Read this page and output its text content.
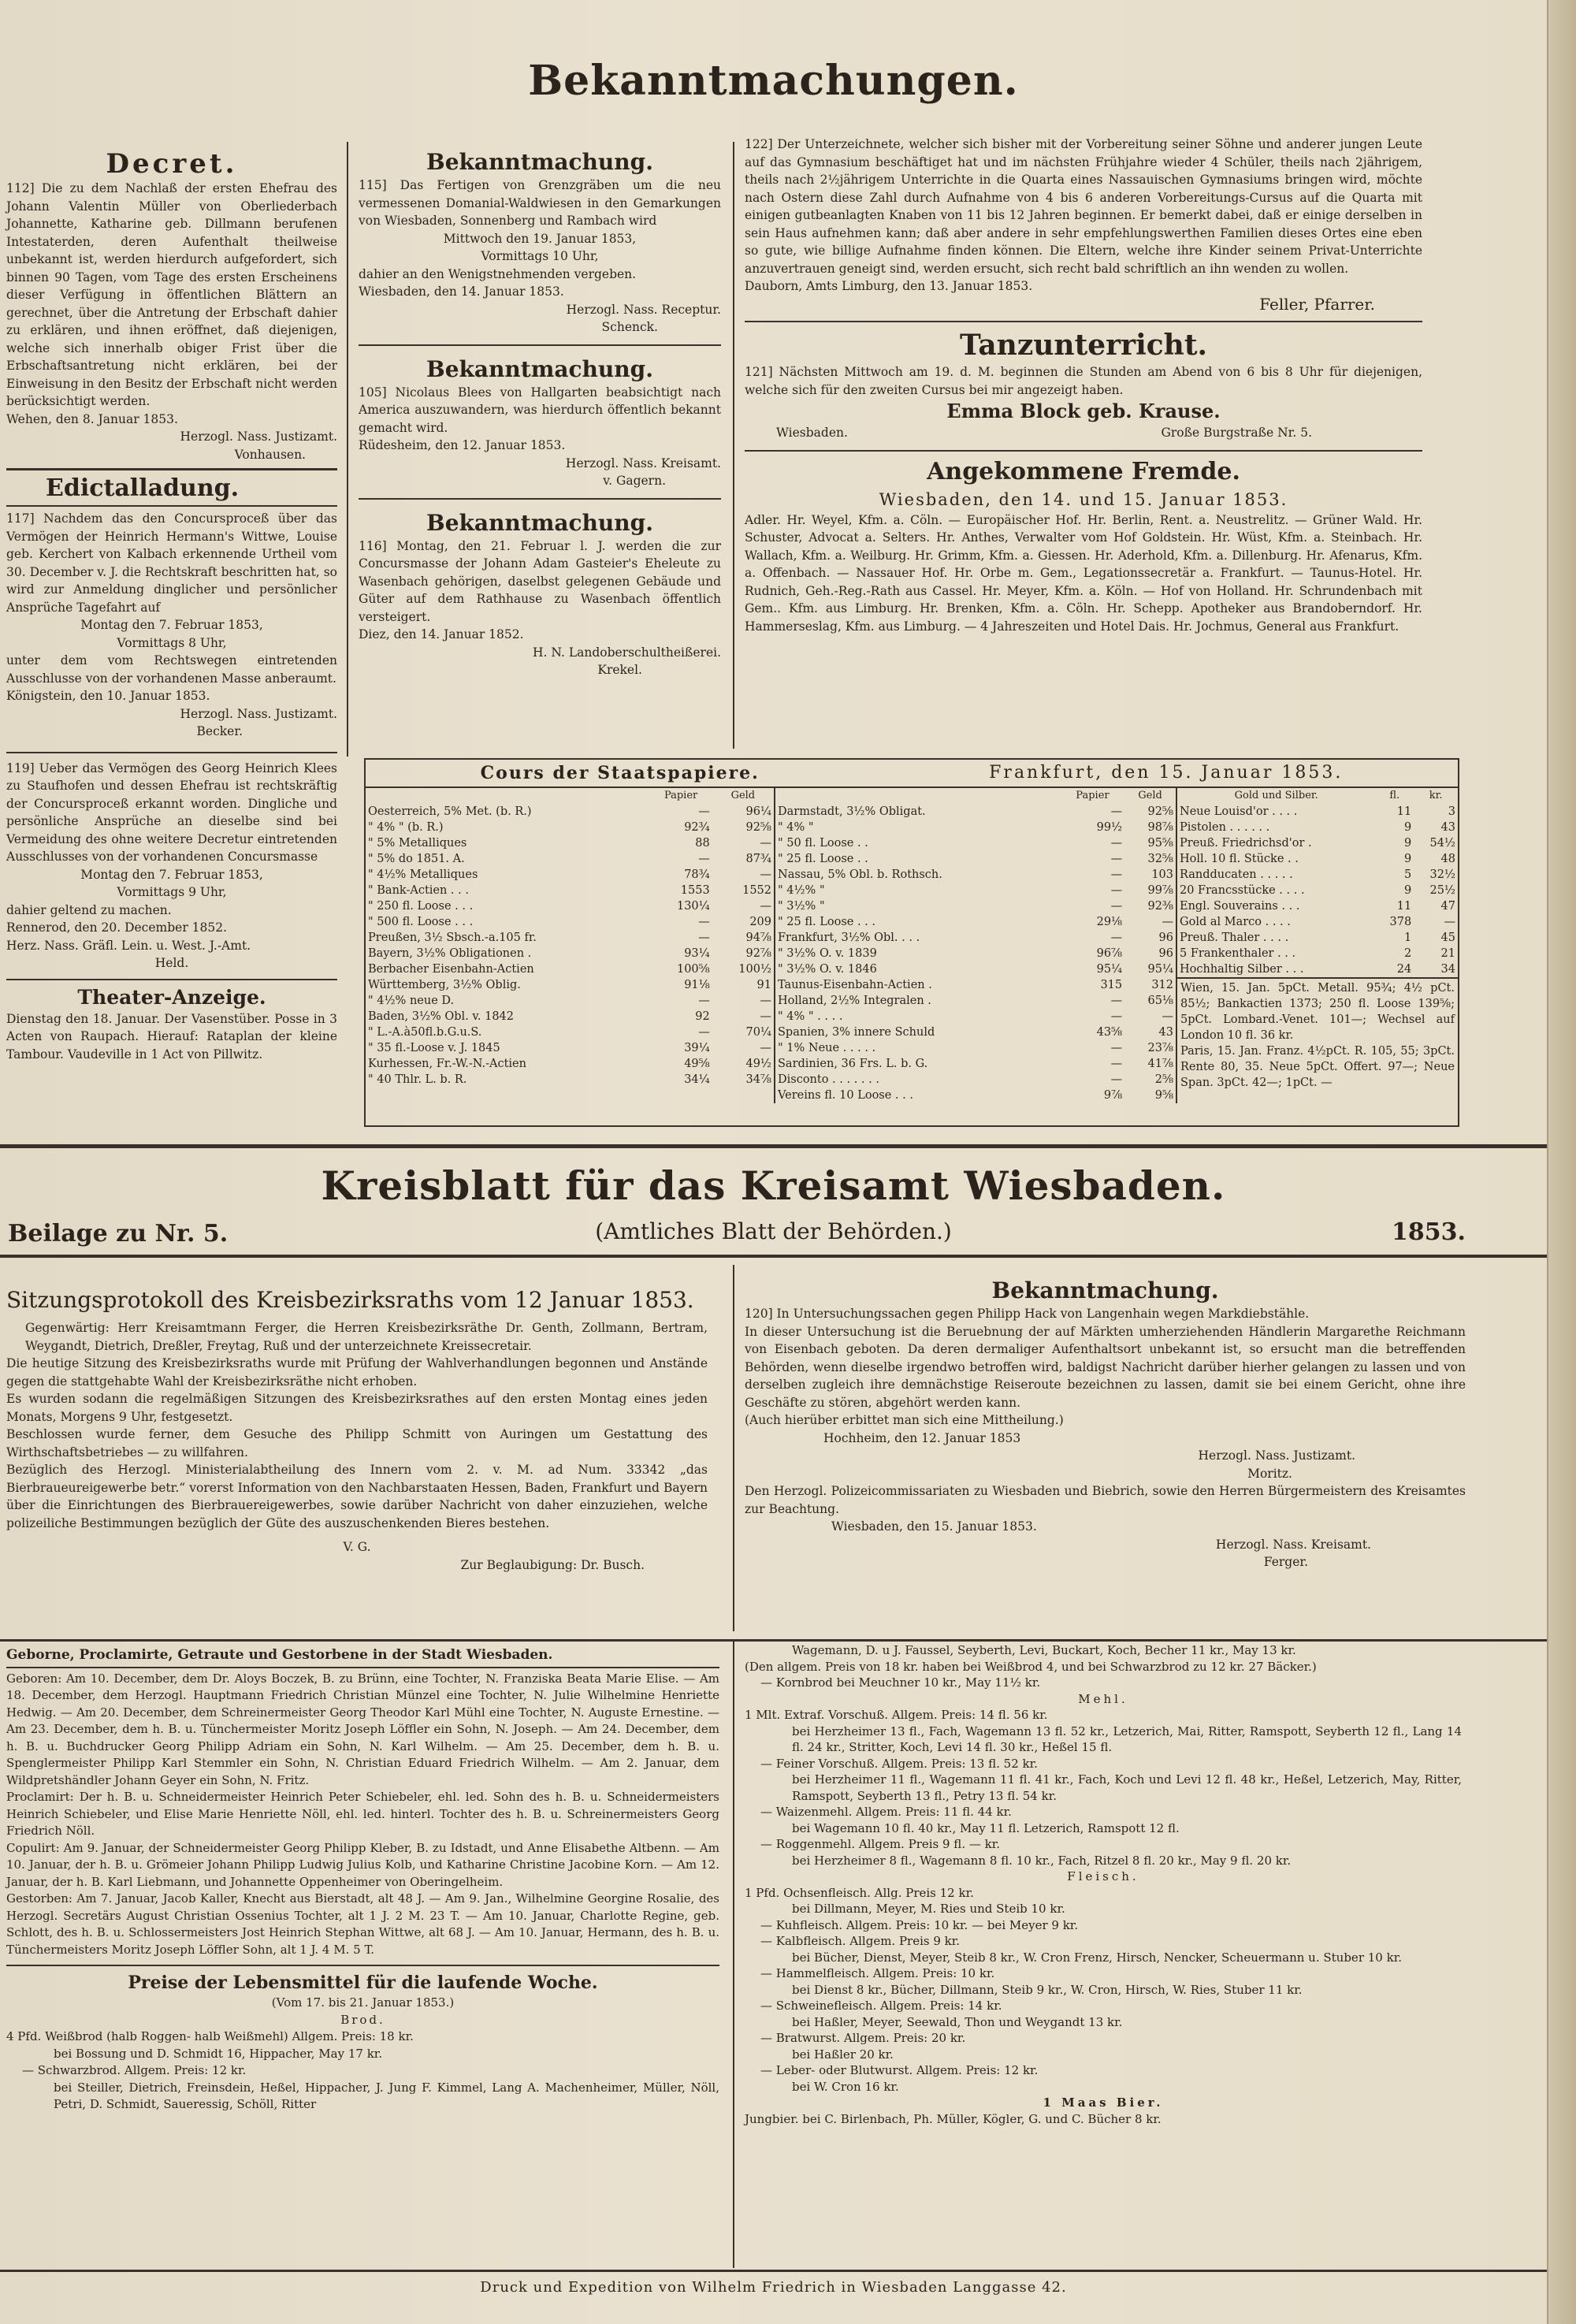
Bekanntmachungen.
Decret.

112] Die zu dem Nachlaß der ersten Ehefrau des Johann Valentin Müller von Oberliederbach Johannette, Katharine geb. Dillmann berufenen Intestaterden, deren Aufenthalt theilweise unbekannt ist, werden hierdurch aufgefordert, sich binnen 90 Tagen, vom Tage des ersten Erscheinens dieser Verfügung in öffentlichen Blättern an gerechnet, über die Antretung der Erbschaft dahier zu erklären, und ihnen eröffnet, daß diejenigen, welche sich innerhalb obiger Frist über die Erbschaftsantretung nicht erklären, bei der Einweisung in den Besitz der Erbschaft nicht werden berücksichtigt werden.

Wehen, den 8. Januar 1853.

Herzogl. Nass. Justizamt.

Vonhausen.

Edictalladung.

117] Nachdem das den Concursproceß über das Vermögen der Heinrich Hermann's Wittwe, Louise geb. Kerchert von Kalbach erkennende Urtheil vom 30. December v. J. die Rechtskraft beschritten hat, so wird zur Anmeldung dinglicher und persönlicher Ansprüche Tagefahrt auf

Montag den 7. Februar 1853,

Vormittags 8 Uhr,

unter dem vom Rechtswegen eintretenden Ausschlusse von der vorhandenen Masse anberaumt.

Königstein, den 10. Januar 1853.

Herzogl. Nass. Justizamt.

Becker.

119] Ueber das Vermögen des Georg Heinrich Klees zu Staufhofen und dessen Ehefrau ist rechtskräftig der Concursproceß erkannt worden. Dingliche und persönliche Ansprüche an dieselbe sind bei Vermeidung des ohne weitere Decretur eintretenden Ausschlusses von der vorhandenen Concursmasse

Montag den 7. Februar 1853,

Vormittags 9 Uhr,

dahier geltend zu machen.

Rennerod, den 20. December 1852.

Herz. Nass. Gräfl. Lein. u. West. J.-Amt.

Held.

Theater-Anzeige.

Dienstag den 18. Januar. Der Vasenstüber. Posse in 3 Acten von Raupach. Hierauf: Rataplan der kleine Tambour. Vaudeville in 1 Act von Pillwitz.

Bekanntmachung.

115] Das Fertigen von Grenzgräben um die neu vermessenen Domanial-Waldwiesen in den Gemarkungen von Wiesbaden, Sonnenberg und Rambach wird

Mittwoch den 19. Januar 1853,

Vormittags 10 Uhr,

dahier an den Wenigstnehmenden vergeben.

Wiesbaden, den 14. Januar 1853.

Herzogl. Nass. Receptur.

Schenck.

Bekanntmachung.

105] Nicolaus Blees von Hallgarten beabsichtigt nach America auszuwandern, was hierdurch öffentlich bekannt gemacht wird.

Rüdesheim, den 12. Januar 1853.

Herzogl. Nass. Kreisamt.

v. Gagern.

Bekanntmachung.

116] Montag, den 21. Februar l. J. werden die zur Concursmasse der Johann Adam Gasteier's Eheleute zu Wasenbach gehörigen, daselbst gelegenen Gebäude und Güter auf dem Rathhause zu Wasenbach öffentlich versteigert.

Diez, den 14. Januar 1852.

H. N. Landoberschultheißerei.

Krekel.

122] Der Unterzeichnete, welcher sich bisher mit der Vorbereitung seiner Söhne und anderer jungen Leute auf das Gymnasium beschäftiget hat und im nächsten Frühjahre wieder 4 Schüler, theils nach 2jährigem, theils nach 2½jährigem Unterrichte in die Quarta eines Nassauischen Gymnasiums bringen wird, möchte nach Ostern diese Zahl durch Aufnahme von 4 bis 6 anderen Vorbereitungs-Cursus auf die Quarta mit einigen gutbeanlagten Knaben von 11 bis 12 Jahren beginnen. Er bemerkt dabei, daß er einige derselben in sein Haus aufnehmen kann; daß aber andere in sehr empfehlungswerthen Familien dieses Ortes eine eben so gute, wie billige Aufnahme finden können. Die Eltern, welche ihre Kinder seinem Privat-Unterrichte anzuvertrauen geneigt sind, werden ersucht, sich recht bald schriftlich an ihn wenden zu wollen.

Dauborn, Amts Limburg, den 13. Januar 1853.

Feller, Pfarrer.

Tanzunterricht.

121] Nächsten Mittwoch am 19. d. M. beginnen die Stunden am Abend von 6 bis 8 Uhr für diejenigen, welche sich für den zweiten Cursus bei mir angezeigt haben.

Emma Block geb. Krause.

Wiesbaden.	Große Burgstraße Nr. 5.
Angekommene Fremde.

Wiesbaden, den 14. und 15. Januar 1853.

Adler. Hr. Weyel, Kfm. a. Cöln. — Europäischer Hof. Hr. Berlin, Rent. a. Neustrelitz. — Grüner Wald. Hr. Schuster, Advocat a. Selters. Hr. Anthes, Verwalter vom Hof Goldstein. Hr. Wüst, Kfm. a. Steinbach. Hr. Wallach, Kfm. a. Weilburg. Hr. Grimm, Kfm. a. Giessen. Hr. Aderhold, Kfm. a. Dillenburg. Hr. Afenarus, Kfm. a. Offenbach. — Nassauer Hof. Hr. Orbe m. Gem., Legationssecretär a. Frankfurt. — Taunus-Hotel. Hr. Rudnich, Geh.-Reg.-Rath aus Cassel. Hr. Meyer, Kfm. a. Köln. — Hof von Holland. Hr. Schrundenbach mit Gem.. Kfm. aus Limburg. Hr. Brenken, Kfm. a. Cöln. Hr. Schepp. Apotheker aus Brandoberndorf. Hr. Hammerseslag, Kfm. aus Limburg. — 4 Jahreszeiten und Hotel Dais. Hr. Jochmus, General aus Frankfurt.

Cours der Staatspapiere.	Frankfurt, den 15. Januar 1853.
	Papier	Geld
Oesterreich, 5% Met. (b. R.)	—	96¼
" 4% " (b. R.)	92¾	92⅝
" 5% Metalliques	88	—
" 5% do 1851. A.	—	87¾
" 4½% Metalliques	78¾	—
" Bank-Actien . . .	1553	1552
" 250 fl. Loose . . .	130¼	—
" 500 fl. Loose . . .	—	209
Preußen, 3½ Sbsch.-a.105 fr.	—	94⅞
Bayern, 3½% Obligationen .	93¼	92⅞
Berbacher Eisenbahn-Actien	100⅝	100½
Württemberg, 3½% Oblig.	91⅛	91
" 4½% neue D.	—	—
Baden, 3½% Obl. v. 1842	92	—
" L.-A.à50fl.b.G.u.S.	—	70¼
" 35 fl.-Loose v. J. 1845	39¼	—
Kurhessen, Fr.-W.-N.-Actien	49⅝	49½
" 40 Thlr. L. b. R.	34¼	34⅞
	Papier	Geld
Darmstadt, 3½% Obligat.	—	92⅝
" 4% "	99½	98⅞
" 50 fl. Loose . .	—	95⅝
" 25 fl. Loose . .	—	32⅝
Nassau, 5% Obl. b. Rothsch.	—	103
" 4½% "	—	99⅞
" 3½% "	—	92⅜
" 25 fl. Loose . . .	29⅛	—
Frankfurt, 3½% Obl. . . .	—	96
" 3½% O. v. 1839	96⅞	96
" 3½% O. v. 1846	95¼	95¼
Taunus-Eisenbahn-Actien .	315	312
Holland, 2½% Integralen .	—	65⅛
" 4% " . . . .	—	—
Spanien, 3% innere Schuld	43⅝	43
" 1% Neue . . . . .	—	23⅞
Sardinien, 36 Frs. L. b. G.	—	41⅞
Disconto . . . . . . .	—	2⅝
Vereins fl. 10 Loose . . .	9⅞	9⅝
Gold und Silber.	fl.	kr.
Neue Louisd'or . . . .	11	3
Pistolen . . . . . .	9	43
Preuß. Friedrichsd'or .	9	54½
Holl. 10 fl. Stücke . .	9	48
Randducaten . . . . .	5	32½
20 Francsstücke . . . .	9	25½
Engl. Souverains . . .	11	47
Gold al Marco . . . .	378	—
Preuß. Thaler . . . .	1	45
5 Frankenthaler . . .	2	21
Hochhaltig Silber . . .	24	34

Wien, 15. Jan. 5pCt. Metall. 95¾; 4½ pCt. 85½; Bankactien 1373; 250 fl. Loose 139⅝; 5pCt. Lombard.-Venet. 101—; Wechsel auf London 10 fl. 36 kr.

Paris, 15. Jan. Franz. 4½pCt. R. 105, 55; 3pCt. Rente 80, 35. Neue 5pCt. Offert. 97—; Neue Span. 3pCt. 42—; 1pCt. —

Kreisblatt für das Kreisamt Wiesbaden.
Beilage zu Nr. 5.	(Amtliches Blatt der Behörden.)	1853.
Sitzungsprotokoll des Kreisbezirksraths vom 12 Januar 1853.

Gegenwärtig: Herr Kreisamtmann Ferger, die Herren Kreisbezirksräthe Dr. Genth, Zollmann, Bertram, Weygandt, Dietrich, Dreßler, Freytag, Ruß und der unterzeichnete Kreissecretair.

Die heutige Sitzung des Kreisbezirksraths wurde mit Prüfung der Wahlverhandlungen begonnen und Anstände gegen die stattgehabte Wahl der Kreisbezirksräthe nicht erhoben.

Es wurden sodann die regelmäßigen Sitzungen des Kreisbezirksrathes auf den ersten Montag eines jeden Monats, Morgens 9 Uhr, festgesetzt.

Beschlossen wurde ferner, dem Gesuche des Philipp Schmitt von Auringen um Gestattung des Wirthschaftsbetriebes — zu willfahren.

Bezüglich des Herzogl. Ministerialabtheilung des Innern vom 2. v. M. ad Num. 33342 „das Bierbraueureigewerbe betr.“ vorerst Information von den Nachbarstaaten Hessen, Baden, Frankfurt und Bayern über die Einrichtungen des Bierbrauereigewerbes, sowie darüber Nachricht von daher einzuziehen, welche polizeiliche Bestimmungen bezüglich der Güte des auszuschenkenden Bieres bestehen.

V. G.

Zur Beglaubigung: Dr. Busch.

Bekanntmachung.

120] In Untersuchungssachen gegen Philipp Hack von Langenhain wegen Markdiebstähle.

In dieser Untersuchung ist die Beruebnung der auf Märkten umherziehenden Händlerin Margarethe Reichmann von Eisenbach geboten. Da deren dermaliger Aufenthaltsort unbekannt ist, so ersucht man die betreffenden Behörden, wenn dieselbe irgendwo betroffen wird, baldigst Nachricht darüber hierher gelangen zu lassen und von derselben zugleich ihre demnächstige Reiseroute bezeichnen zu lassen, damit sie bei einem Gericht, ohne ihre Geschäfte zu stören, abgehört werden kann.

(Auch hierüber erbittet man sich eine Mittheilung.)

Hochheim, den 12. Januar 1853

Herzogl. Nass. Justizamt.

Moritz.

Den Herzogl. Polizeicommissariaten zu Wiesbaden und Biebrich, sowie den Herren Bürgermeistern des Kreisamtes zur Beachtung.

Wiesbaden, den 15. Januar 1853.

Herzogl. Nass. Kreisamt.

Ferger.

Geborne, Proclamirte, Getraute und Gestorbene in der Stadt Wiesbaden.

Geboren: Am 10. December, dem Dr. Aloys Boczek, B. zu Brünn, eine Tochter, N. Franziska Beata Marie Elise. — Am 18. December, dem Herzogl. Hauptmann Friedrich Christian Münzel eine Tochter, N. Julie Wilhelmine Henriette Hedwig. — Am 20. December, dem Schreinermeister Georg Theodor Karl Mühl eine Tochter, N. Auguste Ernestine. — Am 23. December, dem h. B. u. Tünchermeister Moritz Joseph Löffler ein Sohn, N. Joseph. — Am 24. December, dem h. B. u. Buchdrucker Georg Philipp Adriam ein Sohn, N. Karl Wilhelm. — Am 25. December, dem h. B. u. Spenglermeister Philipp Karl Stemmler ein Sohn, N. Christian Eduard Friedrich Wilhelm. — Am 2. Januar, dem Wildpretshändler Johann Geyer ein Sohn, N. Fritz.

Proclamirt: Der h. B. u. Schneidermeister Heinrich Peter Schiebeler, ehl. led. Sohn des h. B. u. Schneidermeisters Heinrich Schiebeler, und Elise Marie Henriette Nöll, ehl. led. hinterl. Tochter des h. B. u. Schreinermeisters Georg Friedrich Nöll.

Copulirt: Am 9. Januar, der Schneidermeister Georg Philipp Kleber, B. zu Idstadt, und Anne Elisabethe Altbenn. — Am 10. Januar, der h. B. u. Grömeier Johann Philipp Ludwig Julius Kolb, und Katharine Christine Jacobine Korn. — Am 12. Januar, der h. B. Karl Liebmann, und Johannette Oppenheimer von Oberingelheim.

Gestorben: Am 7. Januar, Jacob Kaller, Knecht aus Bierstadt, alt 48 J. — Am 9. Jan., Wilhelmine Georgine Rosalie, des Herzogl. Secretärs August Christian Ossenius Tochter, alt 1 J. 2 M. 23 T. — Am 10. Januar, Charlotte Regine, geb. Schlott, des h. B. u. Schlossermeisters Jost Heinrich Stephan Wittwe, alt 68 J. — Am 10. Januar, Hermann, des h. B. u. Tünchermeisters Moritz Joseph Löffler Sohn, alt 1 J. 4 M. 5 T.

Preise der Lebensmittel für die laufende Woche.

(Vom 17. bis 21. Januar 1853.)

Brod.

4 Pfd. Weißbrod (halb Roggen- halb Weißmehl) Allgem. Preis: 18 kr.

bei Bossung und D. Schmidt 16, Hippacher, May 17 kr.

— Schwarzbrod. Allgem. Preis: 12 kr.

bei Steiller, Dietrich, Freinsdein, Heßel, Hippacher, J. Jung F. Kimmel, Lang A. Machenheimer, Müller, Nöll, Petri, D. Schmidt, Saueressig, Schöll, Ritter

Wagemann, D. u J. Faussel, Seyberth, Levi, Buckart, Koch, Becher 11 kr., May 13 kr.

(Den allgem. Preis von 18 kr. haben bei Weißbrod 4, und bei Schwarzbrod zu 12 kr. 27 Bäcker.)

— Kornbrod bei Meuchner 10 kr., May 11½ kr.

Mehl.

1 Mlt. Extraf. Vorschuß. Allgem. Preis: 14 fl. 56 kr.

bei Herzheimer 13 fl., Fach, Wagemann 13 fl. 52 kr., Letzerich, Mai, Ritter, Ramspott, Seyberth 12 fl., Lang 14 fl. 24 kr., Stritter, Koch, Levi 14 fl. 30 kr., Heßel 15 fl.

— Feiner Vorschuß. Allgem. Preis: 13 fl. 52 kr.

bei Herzheimer 11 fl., Wagemann 11 fl. 41 kr., Fach, Koch und Levi 12 fl. 48 kr., Heßel, Letzerich, May, Ritter, Ramspott, Seyberth 13 fl., Petry 13 fl. 54 kr.

— Waizenmehl. Allgem. Preis: 11 fl. 44 kr.

bei Wagemann 10 fl. 40 kr., May 11 fl. Letzerich, Ramspott 12 fl.

— Roggenmehl. Allgem. Preis 9 fl. — kr.

bei Herzheimer 8 fl., Wagemann 8 fl. 10 kr., Fach, Ritzel 8 fl. 20 kr., May 9 fl. 20 kr.

Fleisch.

1 Pfd. Ochsenfleisch. Allg. Preis 12 kr.

bei Dillmann, Meyer, M. Ries und Steib 10 kr.

— Kuhfleisch. Allgem. Preis: 10 kr. — bei Meyer 9 kr.

— Kalbfleisch. Allgem. Preis 9 kr.

bei Bücher, Dienst, Meyer, Steib 8 kr., W. Cron Frenz, Hirsch, Nencker, Scheuermann u. Stuber 10 kr.

— Hammelfleisch. Allgem. Preis: 10 kr.

bei Dienst 8 kr., Bücher, Dillmann, Steib 9 kr., W. Cron, Hirsch, W. Ries, Stuber 11 kr.

— Schweinefleisch. Allgem. Preis: 14 kr.

bei Haßler, Meyer, Seewald, Thon und Weygandt 13 kr.

— Bratwurst. Allgem. Preis: 20 kr.

bei Haßler 20 kr.

— Leber- oder Blutwurst. Allgem. Preis: 12 kr.

bei W. Cron 16 kr.

1 Maas Bier.

Jungbier. bei C. Birlenbach, Ph. Müller, Kögler, G. und C. Bücher 8 kr.

Druck und Expedition von Wilhelm Friedrich in Wiesbaden Langgasse 42.
